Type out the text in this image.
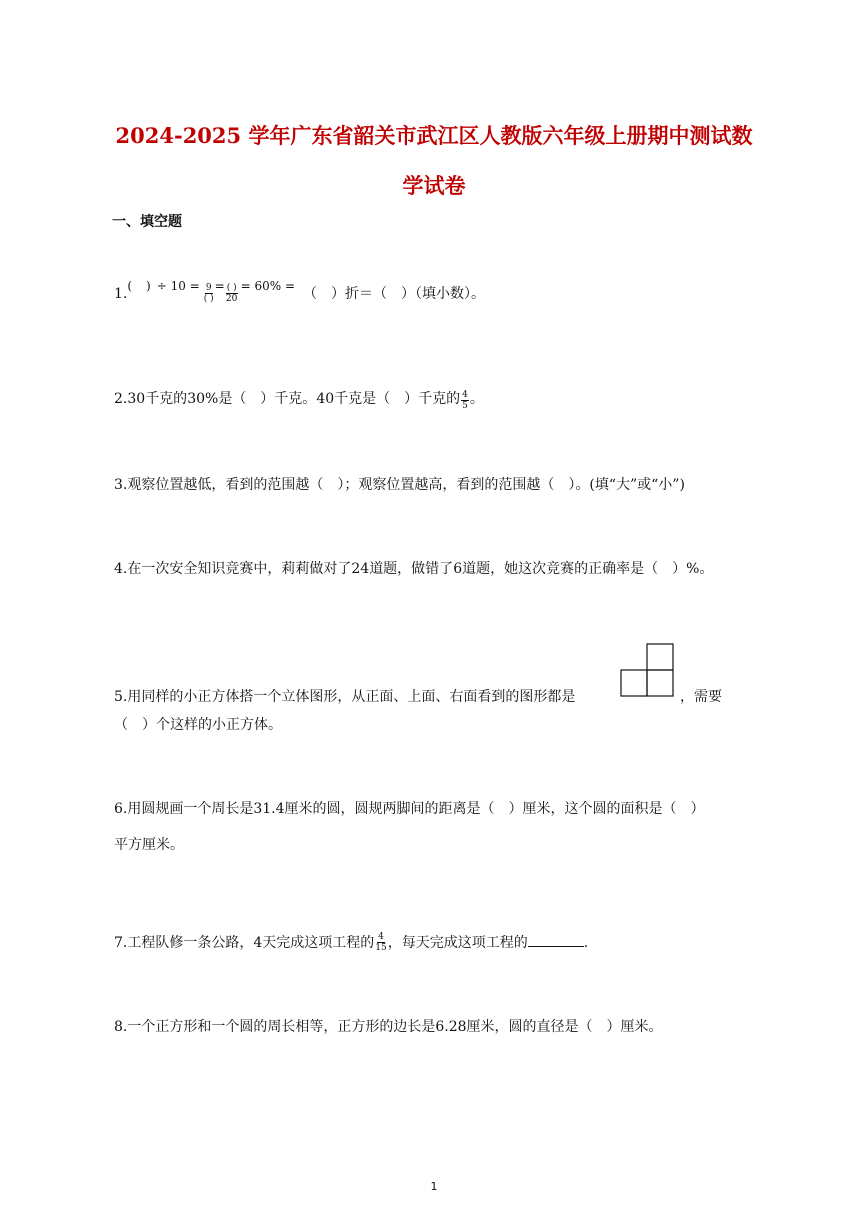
2024-2025 学年广东省韶关市武江区人教版六年级上册期中测试数
学试卷
一、填空题
1. ( ) ÷ $10 = \frac{9}{( )} = \frac{( )}{20} = 60\%$ = （　）折＝（　）（填小数）。
2. 30 千克的 30% 是（　）千克。 40 千克是（　）千克的 $\frac{4}{5}$ 。
3.观察位置越低，看到的范围越（　）；观察位置越高，看到的范围越（　）。(填“大”或“小”)
4.在一次安全知识竞赛中，莉莉做对了 24 道题，做错了 6 道题，她这次竞赛的正确率是（　）%。
5.用同样的小正方体搭一个立体图形，从正面、上面、右面看到的图形都是	，需要
（　）个这样的小正方体。
6.用圆规画一个周长是 31.4 厘米的圆，圆规两脚间的距离是（　）厘米，这个圆的面积是（　）
平方厘米。
7.工程队修一条公路， 4 天完成这项工程的 $\frac{4}{15}$ ，每天完成这项工程的	.
8.一个正方形和一个圆的周长相等，正方形的边长是 6.28 厘米，圆的直径是（　）厘米。
1
